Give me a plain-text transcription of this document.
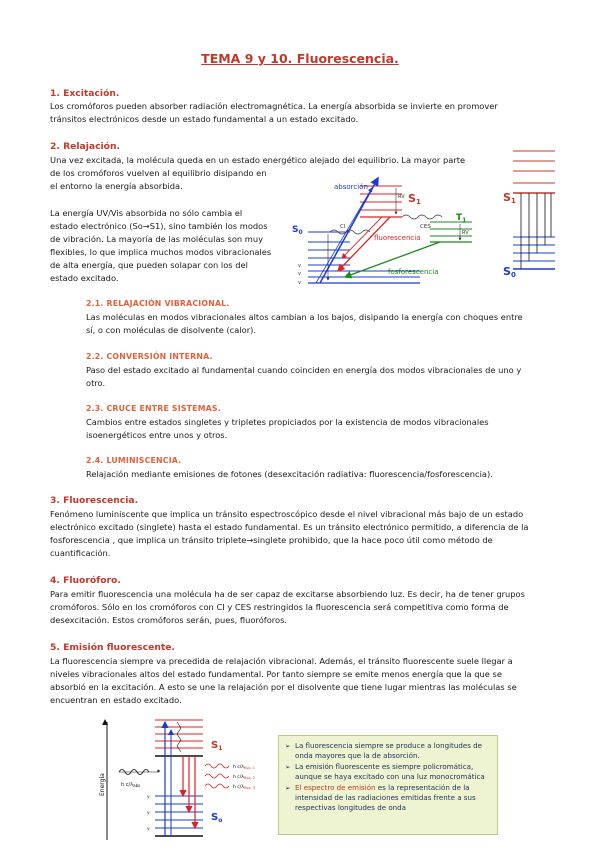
TEMA 9 y 10. Fluorescencia.
1. Excitación.
Los cromóforos pueden absorber radiación electromagnética. La energía absorbida se invierte en promover
tránsitos electrónicos desde un estado fundamental a un estado excitado.
2. Relajación.
Una vez excitada, la molécula queda en un estado energético alejado del equilibrio. La mayor parte
de los cromóforos vuelven al equilibrio disipando en
el entorno la energía absorbida.
La energía UV/Vis absorbida no sólo cambia el
estado electrónico (So→S1), sino también los modos
de vibración. La mayoría de las moléculas son muy
flexibles, lo que implica muchos modos vibracionales
de alta energía, que pueden solapar con los del
estado excitado.
absorción
fluorescencia
fosforescencia
S1
$S_0$
$T_1$
CI	CES
RV
RV
v
v
v
S1
S0
2.1. RELAJACIÓN VIBRACIONAL.
Las moléculas en modos vibracionales altos cambian a los bajos, disipando la energía con choques entre
sí, o con moléculas de disolvente (calor).
2.2. CONVERSIÓN INTERNA.
Paso del estado excitado al fundamental cuando coinciden en energía dos modos vibracionales de uno y
otro.
2.3. CRUCE ENTRE SISTEMAS.
Cambios entre estados singletes y tripletes propiciados por la existencia de modos vibracionales
isoenergéticos entre unos y otros.
2.4. LUMINISCENCIA.
Relajación mediante emisiones de fotones (desexcitación radiativa: fluorescencia/fosforescencia).
3. Fluorescencia.
Fenómeno luminiscente que implica un tránsito espectroscópico desde el nivel vibracional más bajo de un estado
electrónico excitado (singlete) hasta el estado fundamental. Es un tránsito electrónico permitido, a diferencia de la
fosforescencia , que implica un tránsito triplete→singlete prohibido, que la hace poco útil como método de
cuantificación.
4. Fluoróforo.
Para emitir fluorescencia una molécula ha de ser capaz de excitarse absorbiendo luz. Es decir, ha de tener grupos
cromóforos. Sólo en los cromóforos con CI y CES restringidos la fluorescencia será competitiva como forma de
desexcitación. Estos cromóforos serán, pues, fluoróforos.
5. Emisión fluorescente.
La fluorescencia siempre va precedida de relajación vibracional. Además, el tránsito fluorescente suele llegar a
niveles vibracionales altos del estado fundamental. Por tanto siempre se emite menos energía que la que se
absorbió en la excitación. A esto se une la relajación por el disolvente que tiene lugar mientras las moléculas se
encuentran en estado excitado.
Energía
$S_1$
$S_o$
h $c/\lambda_{abs}$
h $c/\lambda_{fluo, 1}$
h $c/\lambda_{fluo, 2}$
h $c/\lambda_{fluo, 3}$
v
v
v
➢ La fluorescencia siempre se produce a longitudes de onda mayores que la de absorción.
➢ La emisión fluorescente es siempre policromática, aunque se haya excitado con una luz monocromática
➢ El espectro de emisión es la representación de la intensidad de las radiaciones emitidas frente a sus respectivas longitudes de onda
